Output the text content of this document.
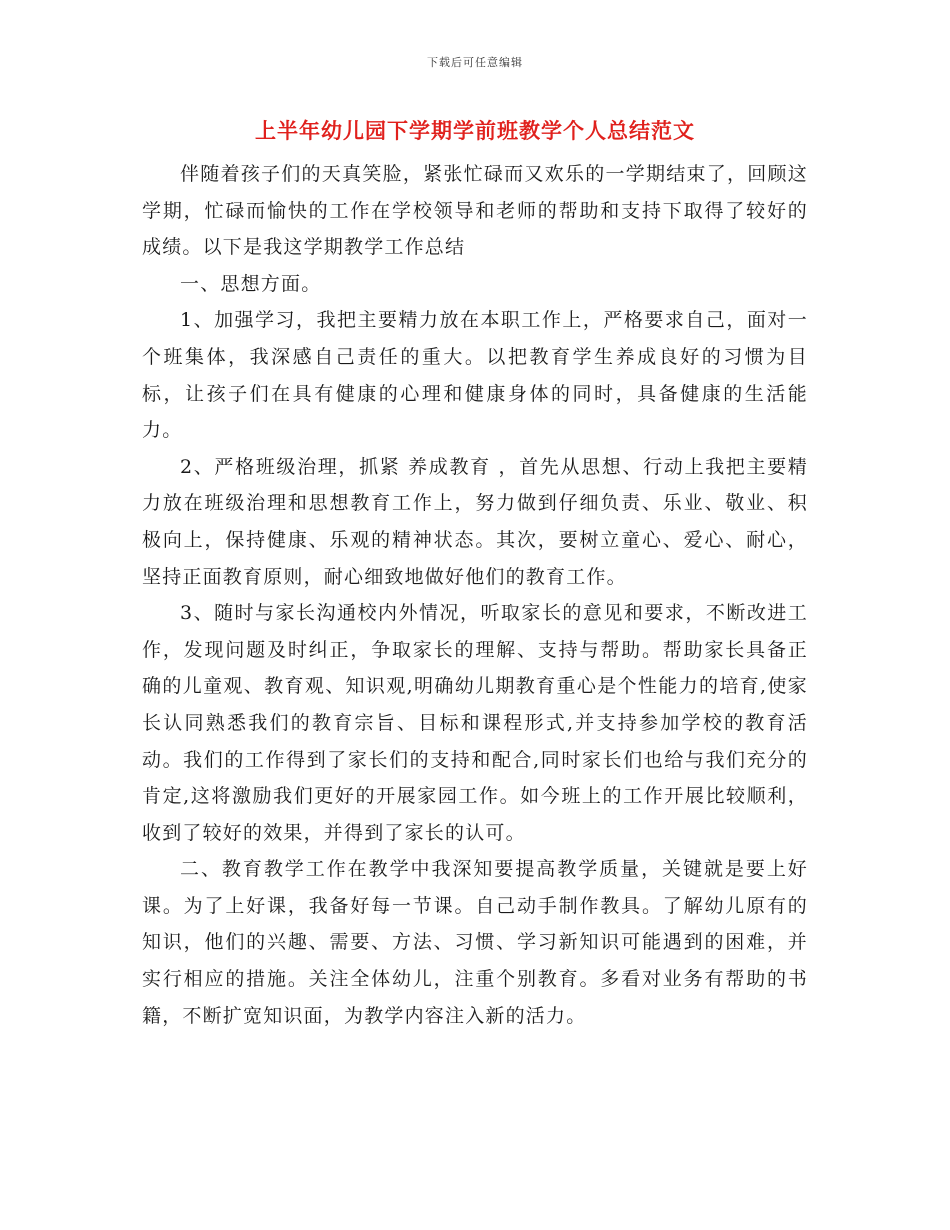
下载后可任意编辑
上半年幼儿园下学期学前班教学个人总结范文

伴随着孩子们的天真笑脸，紧张忙碌而又欢乐的一学期结束了，回顾这学期，忙碌而愉快的工作在学校领导和老师的帮助和支持下取得了较好的成绩。以下是我这学期教学工作总结

一、思想方面。

1、加强学习，我把主要精力放在本职工作上，严格要求自己，面对一个班集体，我深感自己责任的重大。以把教育学生养成良好的习惯为目标，让孩子们在具有健康的心理和健康身体的同时，具备健康的生活能力。

2、严格班级治理，抓紧 养成教育 ，首先从思想、行动上我把主要精力放在班级治理和思想教育工作上，努力做到仔细负责、乐业、敬业、积极向上，保持健康、乐观的精神状态。其次，要树立童心、爱心、耐心，坚持正面教育原则，耐心细致地做好他们的教育工作。

3、随时与家长沟通校内外情况，听取家长的意见和要求，不断改进工作，发现问题及时纠正，争取家长的理解、支持与帮助。帮助家长具备正确的儿童观、教育观、知识观,明确幼儿期教育重心是个性能力的培育,使家长认同熟悉我们的教育宗旨、目标和课程形式,并支持参加学校的教育活动。我们的工作得到了家长们的支持和配合,同时家长们也给与我们充分的肯定,这将激励我们更好的开展家园工作。如今班上的工作开展比较顺利，收到了较好的效果，并得到了家长的认可。

二、教育教学工作在教学中我深知要提高教学质量，关键就是要上好课。为了上好课，我备好每一节课。自己动手制作教具。了解幼儿原有的知识，他们的兴趣、需要、方法、习惯、学习新知识可能遇到的困难，并实行相应的措施。关注全体幼儿，注重个别教育。多看对业务有帮助的书籍，不断扩宽知识面，为教学内容注入新的活力。
